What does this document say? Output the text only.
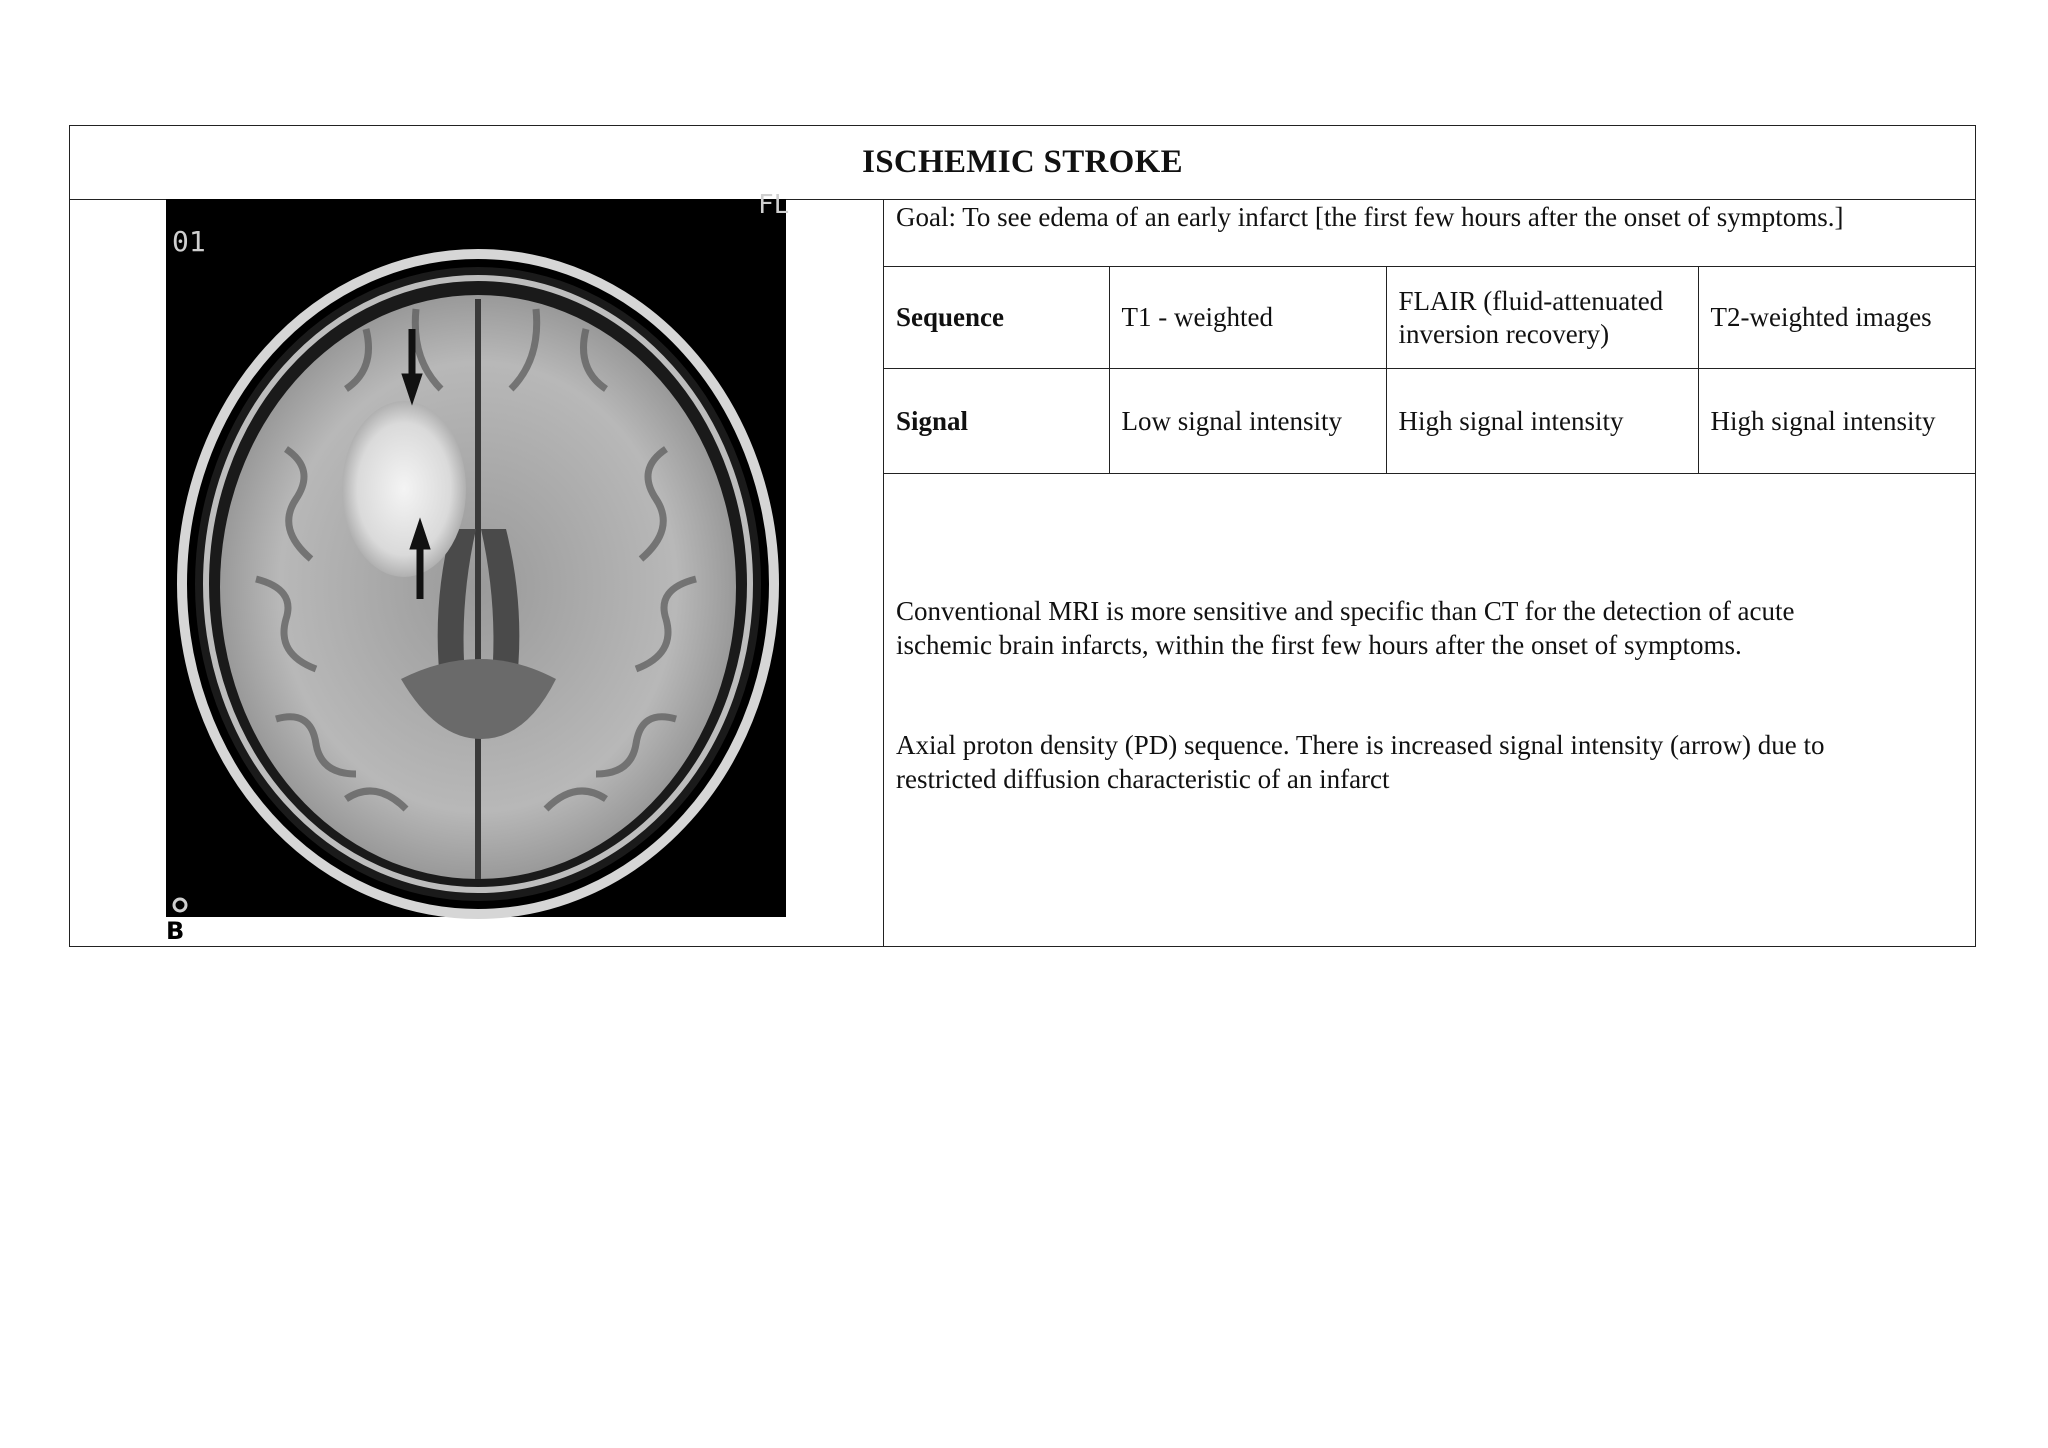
ISCHEMIC STROKE
01
FL
B
Goal: To see edema of an early infarct [the first few hours after the onset of symptoms.]
Sequence	T1 - weighted	FLAIR (fluid-attenuated inversion recovery)	T2-weighted images
Signal	Low signal intensity	High signal intensity	High signal intensity

Conventional MRI is more sensitive and specific than CT for the detection of acute ischemic brain infarcts, within the first few hours after the onset of symptoms.

Axial proton density (PD) sequence. There is increased signal intensity (arrow) due to restricted diffusion characteristic of an infarct
